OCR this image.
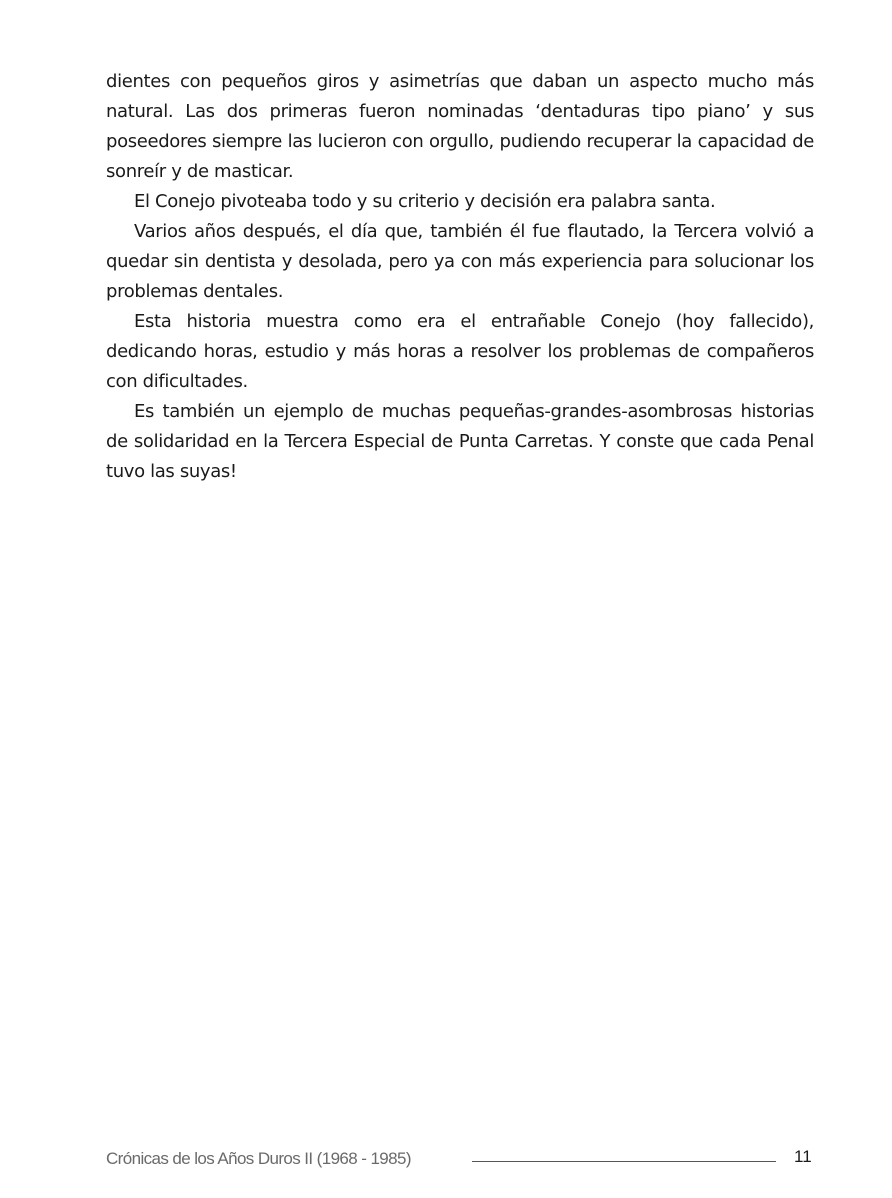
dientes con pequeños giros y asimetrías que daban un aspecto mucho más natural. Las dos primeras fueron nominadas ‘dentaduras tipo piano’ y sus poseedores siempre las lucieron con orgullo, pudiendo recuperar la capacidad de sonreír y de masticar.

El Conejo pivoteaba todo y su criterio y decisión era palabra santa.

Varios años después, el día que, también él fue flautado, la Tercera volvió a quedar sin dentista y desolada, pero ya con más experiencia para solucionar los problemas dentales.

Esta historia muestra como era el entrañable Conejo (hoy fallecido), dedicando horas, estudio y más horas a resolver los problemas de compañeros con dificultades.

Es también un ejemplo de muchas pequeñas-grandes-asombrosas historias de solidaridad en la Tercera Especial de Punta Carretas. Y conste que cada Penal tuvo las suyas!

Crónicas de los Años Duros II (1968 - 1985)	11
